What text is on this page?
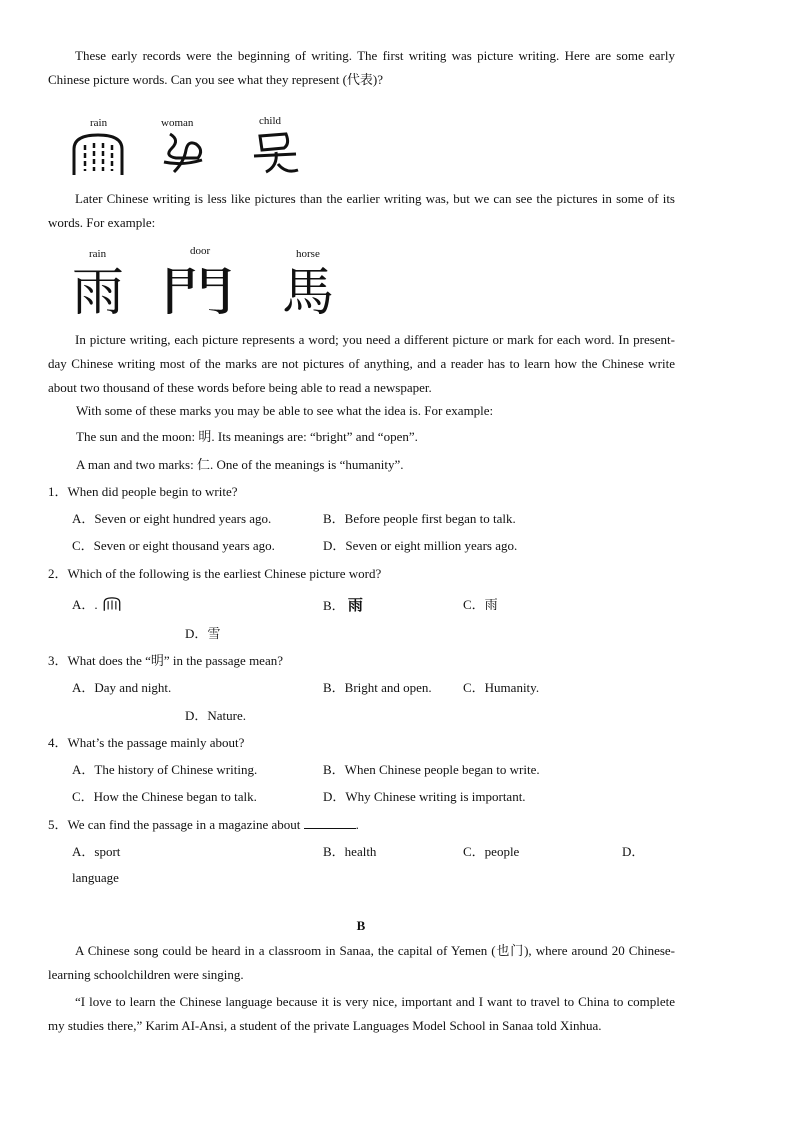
These early records were the beginning of writing. The first writing was picture writing. Here are some early Chinese picture words. Can you see what they represent (代表)?
rain	woman	child
Later Chinese writing is less like pictures than the earlier writing was, but we can see the pictures in some of its words. For example:
rain	door	horse
雨 門 馬
In picture writing, each picture represents a word; you need a different picture or mark for each word. In present-day Chinese writing most of the marks are not pictures of anything, and a reader has to learn how the Chinese write about two thousand of these words before being able to read a newspaper.
With some of these marks you may be able to see what the idea is. For example:
The sun and the moon: 明. Its meanings are: “bright” and “open”.
A man and two marks: 仁. One of the meanings is “humanity”.
1．When did people begin to write?
A．Seven or eight hundred years ago.	B．Before people first began to talk.
C．Seven or eight thousand years ago.	D．Seven or eight million years ago.
2．Which of the following is the earliest Chinese picture word?
A．.	B． 雨	C．雨
D．雪
3．What does the “明” in the passage mean?
A．Day and night.	B．Bright and open. C．Humanity.
D．Nature.
4．What’s the passage mainly about?
A．The history of Chinese writing.	B．When Chinese people began to write.
C．How the Chinese began to talk.	D．Why Chinese writing is important.
5．We can find the passage in a magazine about	.
A．sport	B．health	C．people	D．
language
B
A Chinese song could be heard in a classroom in Sanaa, the capital of Yemen (也门), where around 20 Chinese-learning schoolchildren were singing.
“I love to learn the Chinese language because it is very nice, important and I want to travel to China to complete my studies there,” Karim AI-Ansi, a student of the private Languages Model School in Sanaa told Xinhua.
